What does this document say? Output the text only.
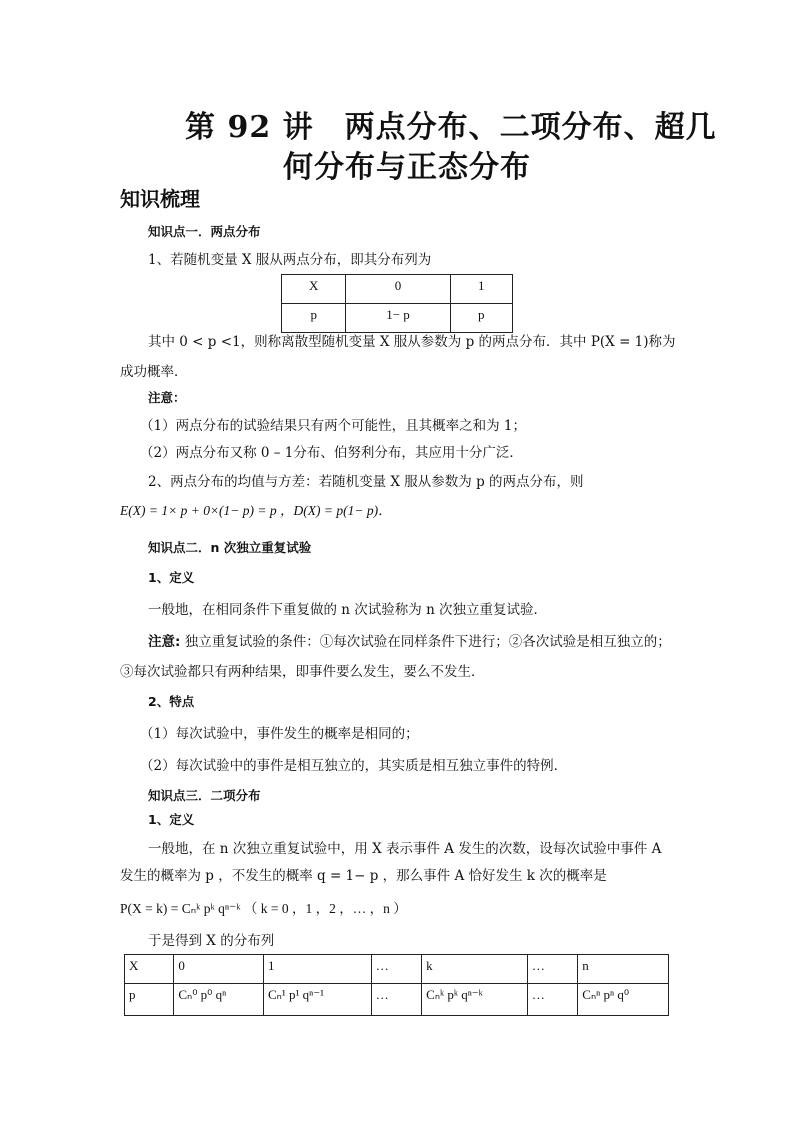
第 92 讲　两点分布、二项分布、超几
何分布与正态分布
知识梳理
知识点一．两点分布
1、若随机变量 X 服从两点分布，即其分布列为
X	0	1
p	1− p	p
其中 0 < p <1，则称离散型随机变量 X 服从参数为 p 的两点分布．其中 P(X = 1)称为
成功概率．
注意：
（1）两点分布的试验结果只有两个可能性，且其概率之和为 1；
（2）两点分布又称 0 – 1分布、伯努利分布，其应用十分广泛．
2、两点分布的均值与方差：若随机变量 X 服从参数为 p 的两点分布，则
E(X) = 1× p + 0×(1− p) = p ，D(X) = p(1− p)．
知识点二．n 次独立重复试验
1、定义
一般地，在相同条件下重复做的 n 次试验称为 n 次独立重复试验．
注意: 独立重复试验的条件：①每次试验在同样条件下进行；②各次试验是相互独立的；
③每次试验都只有两种结果，即事件要么发生，要么不发生．
2、特点
（1）每次试验中，事件发生的概率是相同的；
（2）每次试验中的事件是相互独立的，其实质是相互独立事件的特例．
知识点三．二项分布
1、定义
一般地，在 n 次独立重复试验中，用 X 表示事件 A 发生的次数，设每次试验中事件 A
发生的概率为 p ，不发生的概率 q = 1− p ，那么事件 A 恰好发生 k 次的概率是
P(X = k) = Cₙᵏ pᵏ qⁿ⁻ᵏ （ k = 0 ，1 ，2 ，… ，n ）
于是得到 X 的分布列
X	0	1	…	k	…	n
p	Cₙ⁰ p⁰ qⁿ	Cₙ¹ p¹ qⁿ⁻¹	…	Cₙᵏ pᵏ qⁿ⁻ᵏ	…	Cₙⁿ pⁿ q⁰
